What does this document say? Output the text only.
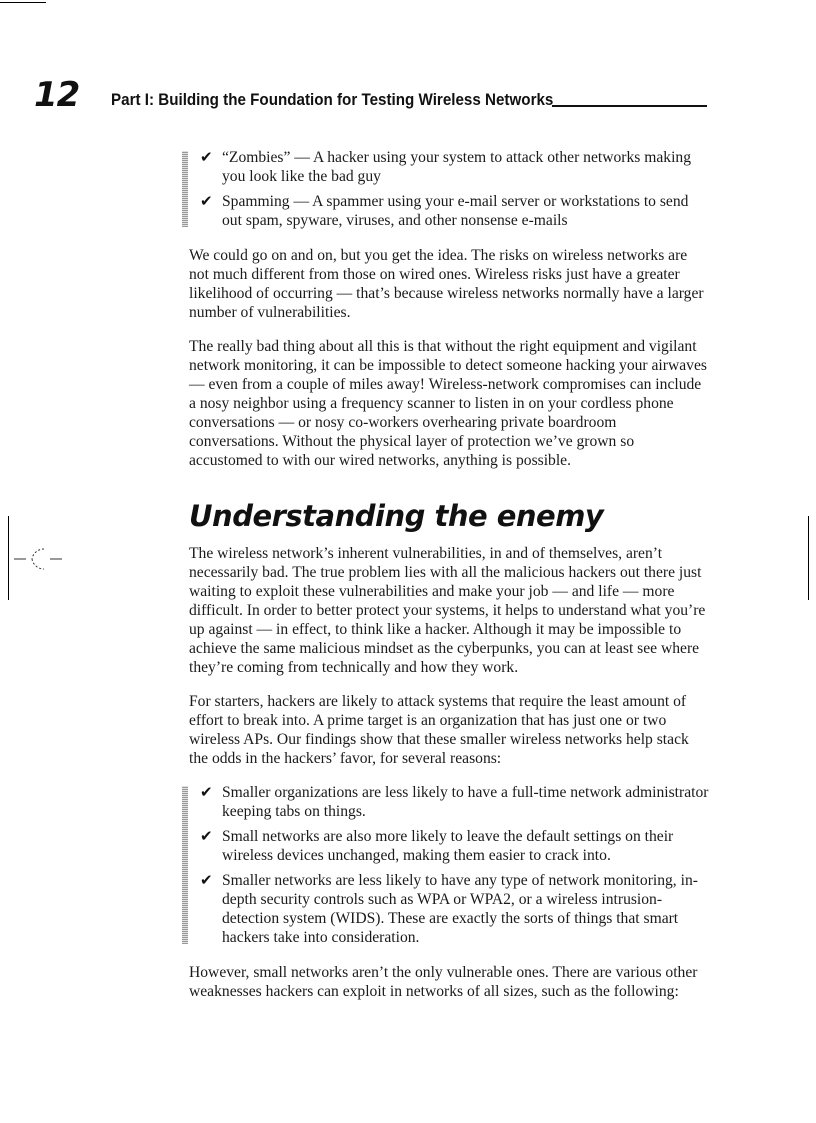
12 Part I: Building the Foundation for Testing Wireless Networks
✔ “Zombies” — A hacker using your system to attack other networks making you look like the bad guy
✔ Spamming — A spammer using your e-mail server or workstations to send out spam, spyware, viruses, and other nonsense e-mails

We could go on and on, but you get the idea. The risks on wireless networks are not much different from those on wired ones. Wireless risks just have a greater likelihood of occurring — that’s because wireless networks normally have a larger number of vulnerabilities.

The really bad thing about all this is that without the right equipment and vigilant network monitoring, it can be impossible to detect someone hacking your airwaves — even from a couple of miles away! Wireless-network compromises can include a nosy neighbor using a frequency scanner to listen in on your cordless phone conversations — or nosy co-workers overhearing private boardroom conversations. Without the physical layer of protection we’ve grown so accustomed to with our wired networks, anything is possible.

Understanding the enemy

The wireless network’s inherent vulnerabilities, in and of themselves, aren’t necessarily bad. The true problem lies with all the malicious hackers out there just waiting to exploit these vulnerabilities and make your job — and life — more difficult. In order to better protect your systems, it helps to understand what you’re up against — in effect, to think like a hacker. Although it may be impossible to achieve the same malicious mindset as the cyberpunks, you can at least see where they’re coming from technically and how they work.

For starters, hackers are likely to attack systems that require the least amount of effort to break into. A prime target is an organization that has just one or two wireless APs. Our findings show that these smaller wireless networks help stack the odds in the hackers’ favor, for several reasons:

✔ Smaller organizations are less likely to have a full-time network administrator keeping tabs on things.
✔ Small networks are also more likely to leave the default settings on their wireless devices unchanged, making them easier to crack into.
✔ Smaller networks are less likely to have any type of network monitoring, in-depth security controls such as WPA or WPA2, or a wireless intrusion-detection system (WIDS). These are exactly the sorts of things that smart hackers take into consideration.

However, small networks aren’t the only vulnerable ones. There are various other weaknesses hackers can exploit in networks of all sizes, such as the following:
